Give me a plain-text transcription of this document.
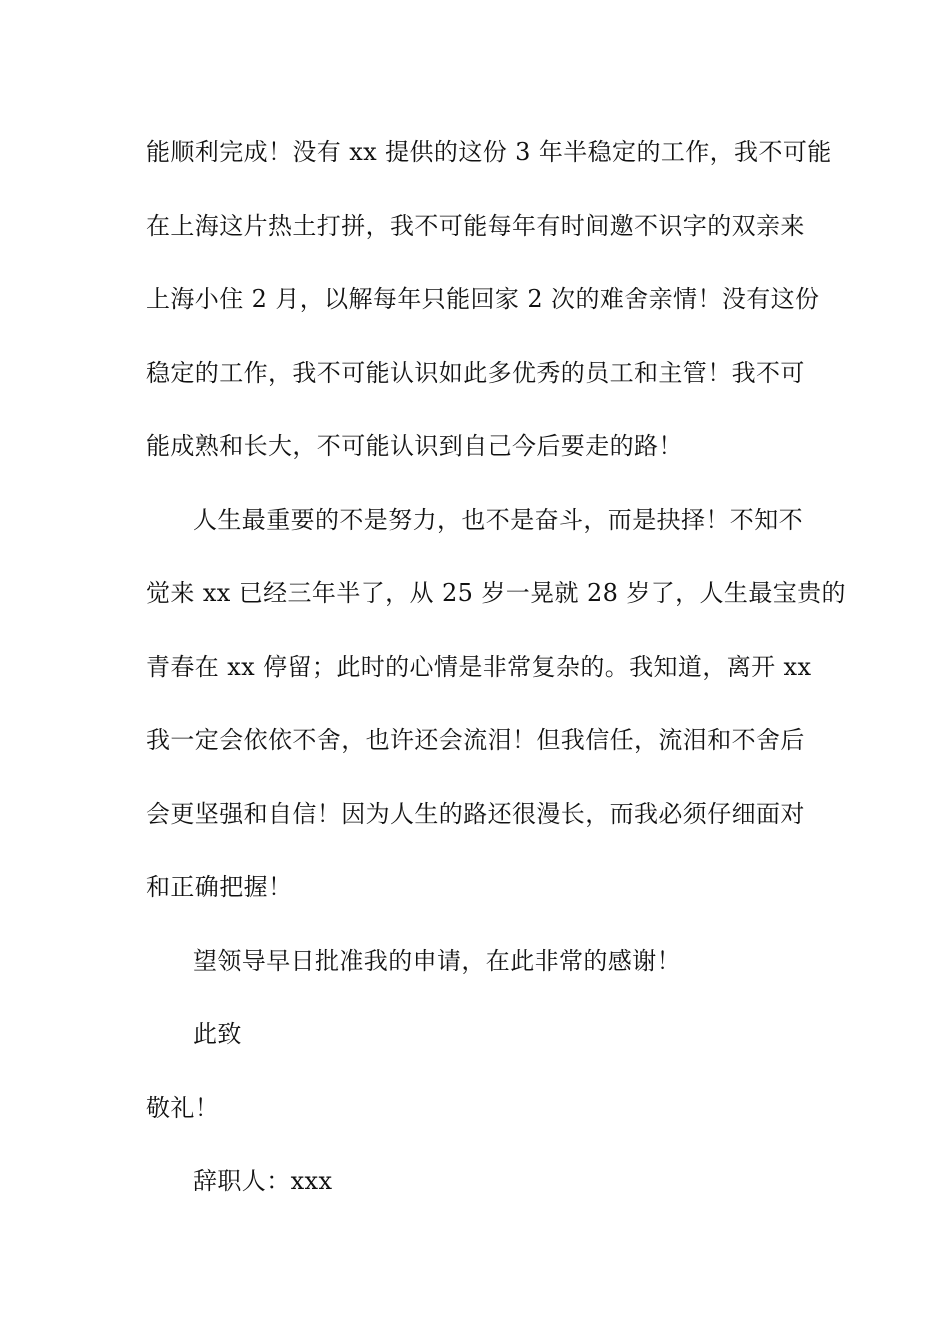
能顺利完成！没有 xx 提供的这份 3 年半稳定的工作，我不可能
在上海这片热土打拼，我不可能每年有时间邀不识字的双亲来
上海小住 2 月，以解每年只能回家 2 次的难舍亲情！没有这份
稳定的工作，我不可能认识如此多优秀的员工和主管！我不可
能成熟和长大，不可能认识到自己今后要走的路！
人生最重要的不是努力，也不是奋斗，而是抉择！不知不
觉来 xx 已经三年半了，从 25 岁一晃就 28 岁了，人生最宝贵的
青春在 xx 停留；此时的心情是非常复杂的。我知道，离开 xx
我一定会依依不舍，也许还会流泪！但我信任，流泪和不舍后
会更坚强和自信！因为人生的路还很漫长，而我必须仔细面对
和正确把握！
望领导早日批准我的申请，在此非常的感谢！
此致
敬礼！
辞职人：xxx
